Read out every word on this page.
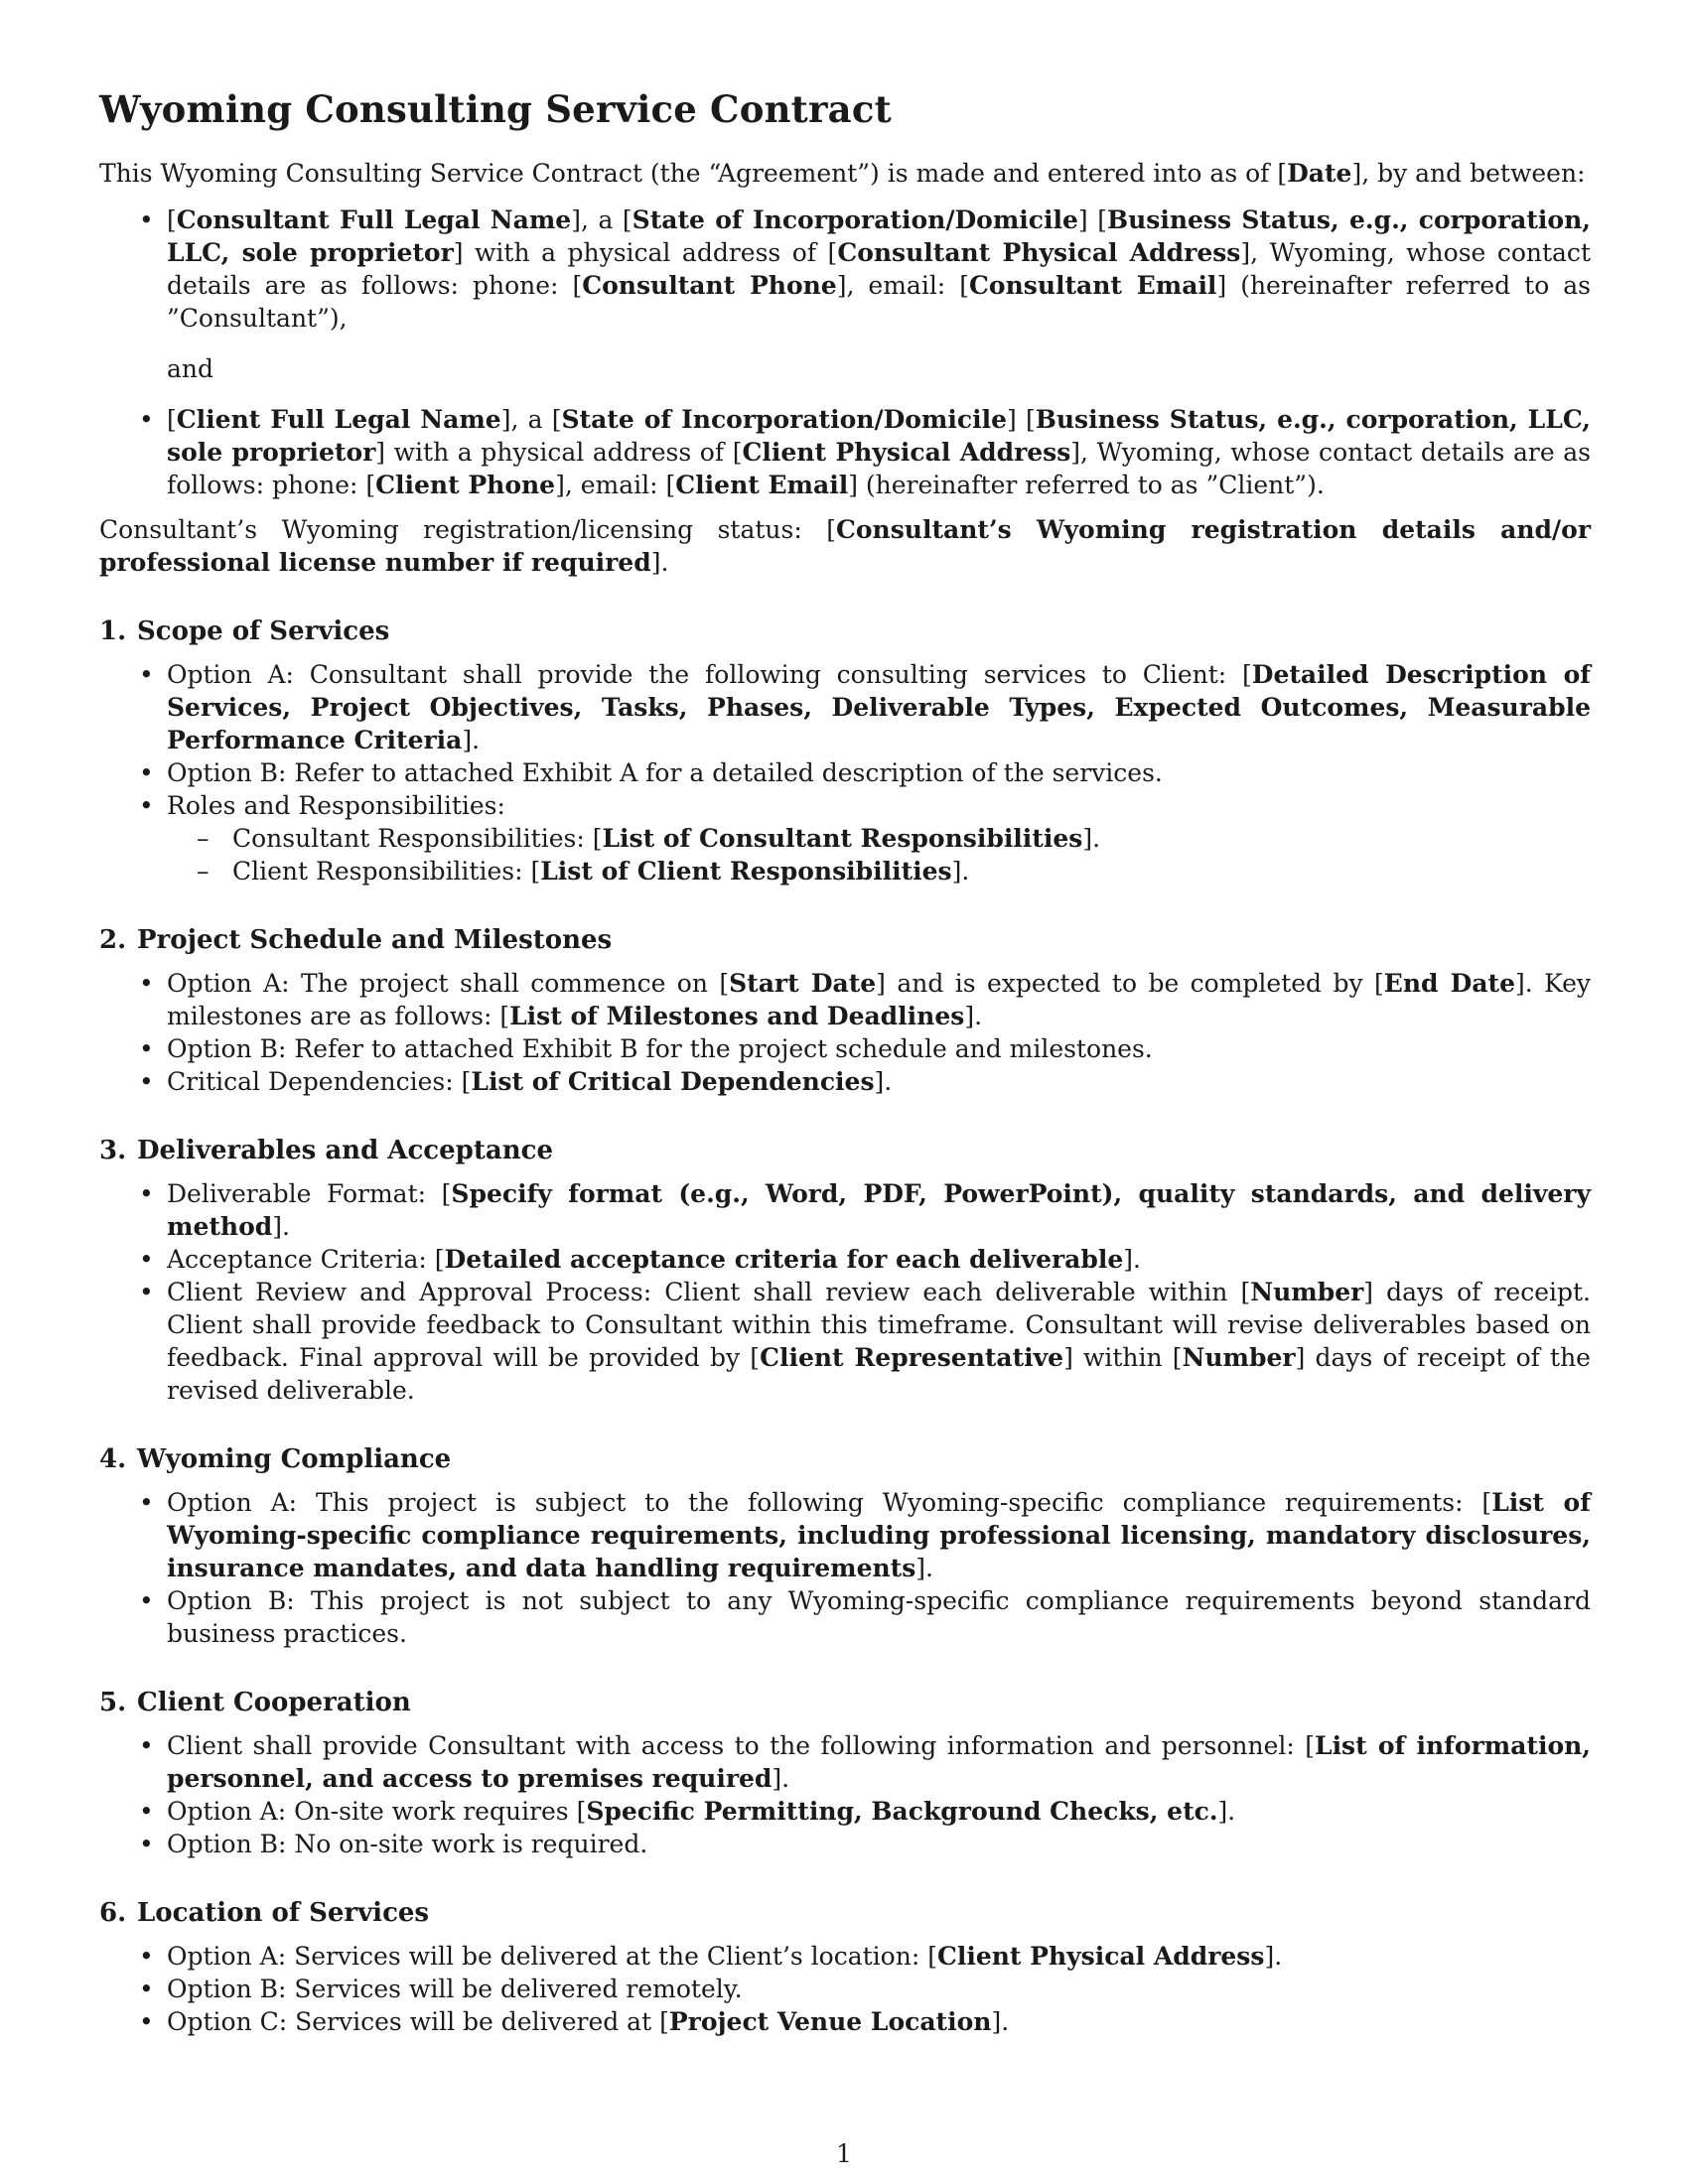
Wyoming Consulting Service Contract

This Wyoming Consulting Service Contract (the “Agreement”) is made and entered into as of [Date], by and between:

• [Consultant Full Legal Name], a [State of Incorporation/Domicile] [Business Status, e.g., corporation, LLC, sole proprietor] with a physical address of [Consultant Physical Address], Wyoming, whose contact details are as follows: phone: [Consultant Phone], email: [Consultant Email] (hereinafter referred to as ”Consultant”),

and

• [Client Full Legal Name], a [State of Incorporation/Domicile] [Business Status, e.g., corporation, LLC, sole proprietor] with a physical address of [Client Physical Address], Wyoming, whose contact details are as follows: phone: [Client Phone], email: [Client Email] (hereinafter referred to as ”Client”).

Consultant’s Wyoming registration/licensing status: [Consultant’s Wyoming registration details and/or professional license number if required].

1. Scope of Services
• Option A: Consultant shall provide the following consulting services to Client: [Detailed Description of Services, Project Objectives, Tasks, Phases, Deliverable Types, Expected Outcomes, Measurable Performance Criteria].
• Option B: Refer to attached Exhibit A for a detailed description of the services.
• Roles and Responsibilities:
– Consultant Responsibilities: [List of Consultant Responsibilities].
– Client Responsibilities: [List of Client Responsibilities].
2. Project Schedule and Milestones
• Option A: The project shall commence on [Start Date] and is expected to be completed by [End Date]. Key milestones are as follows: [List of Milestones and Deadlines].
• Option B: Refer to attached Exhibit B for the project schedule and milestones.
• Critical Dependencies: [List of Critical Dependencies].
3. Deliverables and Acceptance
• Deliverable Format: [Specify format (e.g., Word, PDF, PowerPoint), quality standards, and delivery method].
• Acceptance Criteria: [Detailed acceptance criteria for each deliverable].
• Client Review and Approval Process: Client shall review each deliverable within [Number] days of receipt. Client shall provide feedback to Consultant within this timeframe. Consultant will revise deliverables based on feedback. Final approval will be provided by [Client Representative] within [Number] days of receipt of the revised deliverable.
4. Wyoming Compliance
• Option A: This project is subject to the following Wyoming-specific compliance requirements: [List of Wyoming-specific compliance requirements, including professional licensing, mandatory disclosures, insurance mandates, and data handling requirements].
• Option B: This project is not subject to any Wyoming-specific compliance requirements beyond standard business practices.
5. Client Cooperation
• Client shall provide Consultant with access to the following information and personnel: [List of information, personnel, and access to premises required].
• Option A: On-site work requires [Specific Permitting, Background Checks, etc.].
• Option B: No on-site work is required.
6. Location of Services
• Option A: Services will be delivered at the Client’s location: [Client Physical Address].
• Option B: Services will be delivered remotely.
• Option C: Services will be delivered at [Project Venue Location].
1
